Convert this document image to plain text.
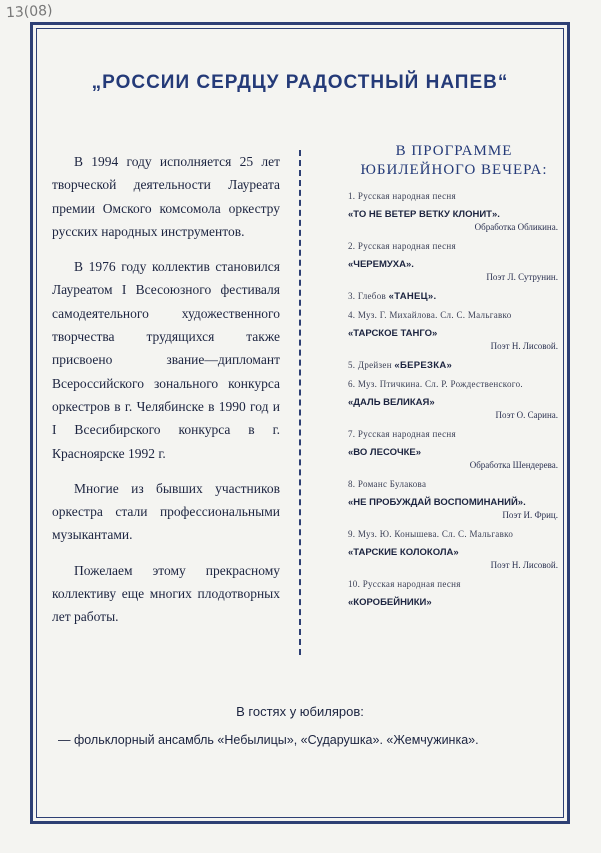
13(08)
„РОССИИ СЕРДЦУ РАДОСТНЫЙ НАПЕВ“

В 1994 году исполняется 25 лет творческой деятельности Лауреата премии Омского комсомола оркестру русских народных инструментов.

В 1976 году коллектив становился Лауреатом I Всесоюзного фестиваля самодеятельного художественного творчества трудящихся также присвоено звание—дипломант Всероссийского зонального конкурса оркестров в г. Челябинске в 1990 год и I Всесибирского конкурса в г. Красноярске 1992 г.

Многие из бывших участников оркестра стали профессиональными музыкантами.

Пожелаем этому прекрасному коллективу еще многих плодотворных лет работы.

В ПРОГРАММЕ
ЮБИЛЕЙНОГО ВЕЧЕРА:
1. Русская народная песня
«ТО НЕ ВЕТЕР ВЕТКУ КЛОНИТ».
Обработка Обликина.
2. Русская народная песня
«ЧЕРЕМУХА».
Поэт Л. Сутрунин.
3. Глебов «ТАНЕЦ».
4. Муз. Г. Михайлова. Сл. С. Мальгавко
«ТАРСКОЕ ТАНГО»
Поэт Н. Лисовой.
5. Дрейзен «БЕРЕЗКА»
6. Муз. Птичкина. Сл. Р. Рождественского.
«ДАЛЬ ВЕЛИКАЯ»
Поэт О. Сарина.
7. Русская народная песня
«ВО ЛЕСОЧКЕ»
Обработка Шендерева.
8. Романс Булакова
«НЕ ПРОБУЖДАЙ ВОСПОМИНАНИЙ».
Поэт И. Фриц.
9. Муз. Ю. Конышева. Сл. С. Мальгавко
«ТАРСКИЕ КОЛОКОЛА»
Поэт Н. Лисовой.
10. Русская народная песня
«КОРОБЕЙНИКИ»
В гостях у юбиляров:
— фольклорный ансамбль «Небылицы», «Сударушка». «Жемчужинка».
